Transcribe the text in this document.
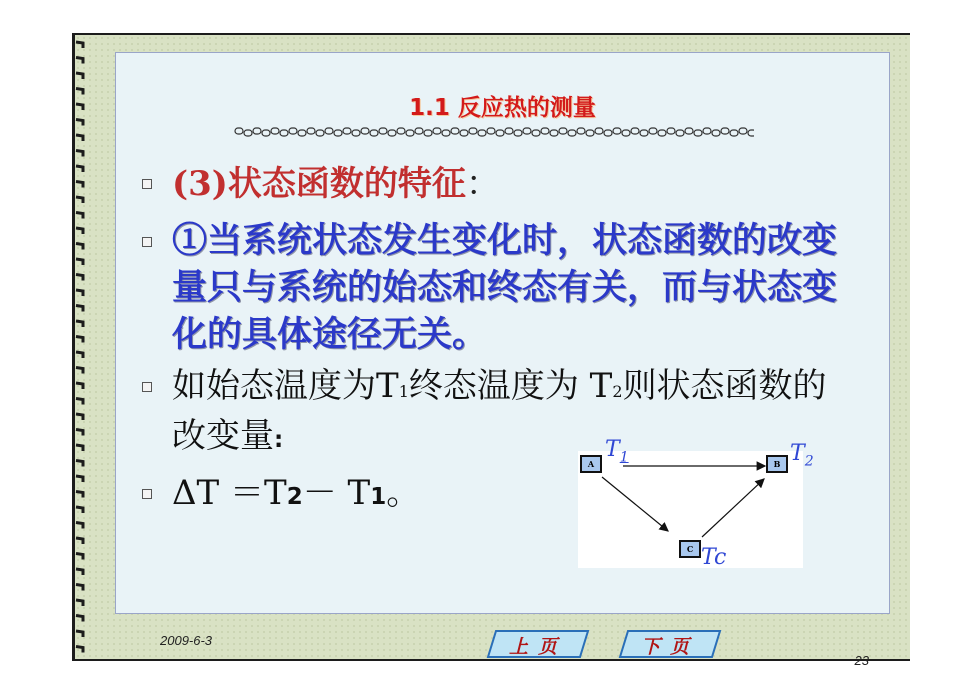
1.1 反应热的测量
(3)状态函数的特征：
①当系统状态发生变化时，状态函数的改变量只与系统的始态和终态有关，而与状态变化的具体途径无关。
如始态温度为T1终态温度为 T2则状态函数的改变量:
ΔT ＝T2－ T1。
A	B
C
$T_1$	$T_2$
Tc
上页	下页
2009-6-3
23
